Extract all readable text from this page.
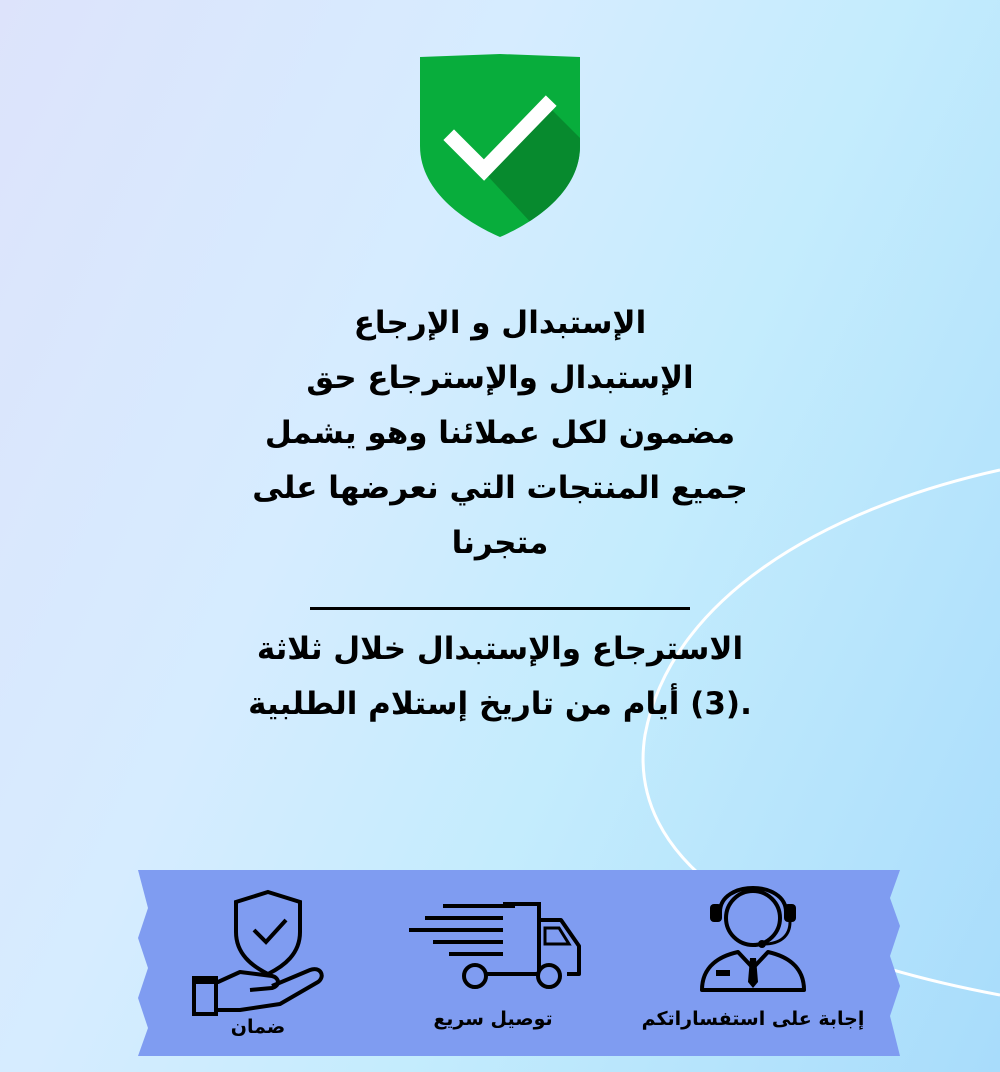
الإستبدال و الإرجاع
الإستبدال والإسترجاع حق
مضمون لكل عملائنا وهو يشمل
جميع المنتجات التي نعرضها على
متجرنا
الاسترجاع والإستبدال خلال ثلاثة
.(3) أيام من تاريخ إستلام الطلبية
ضمان	توصيل سريع	إجابة على استفساراتكم
